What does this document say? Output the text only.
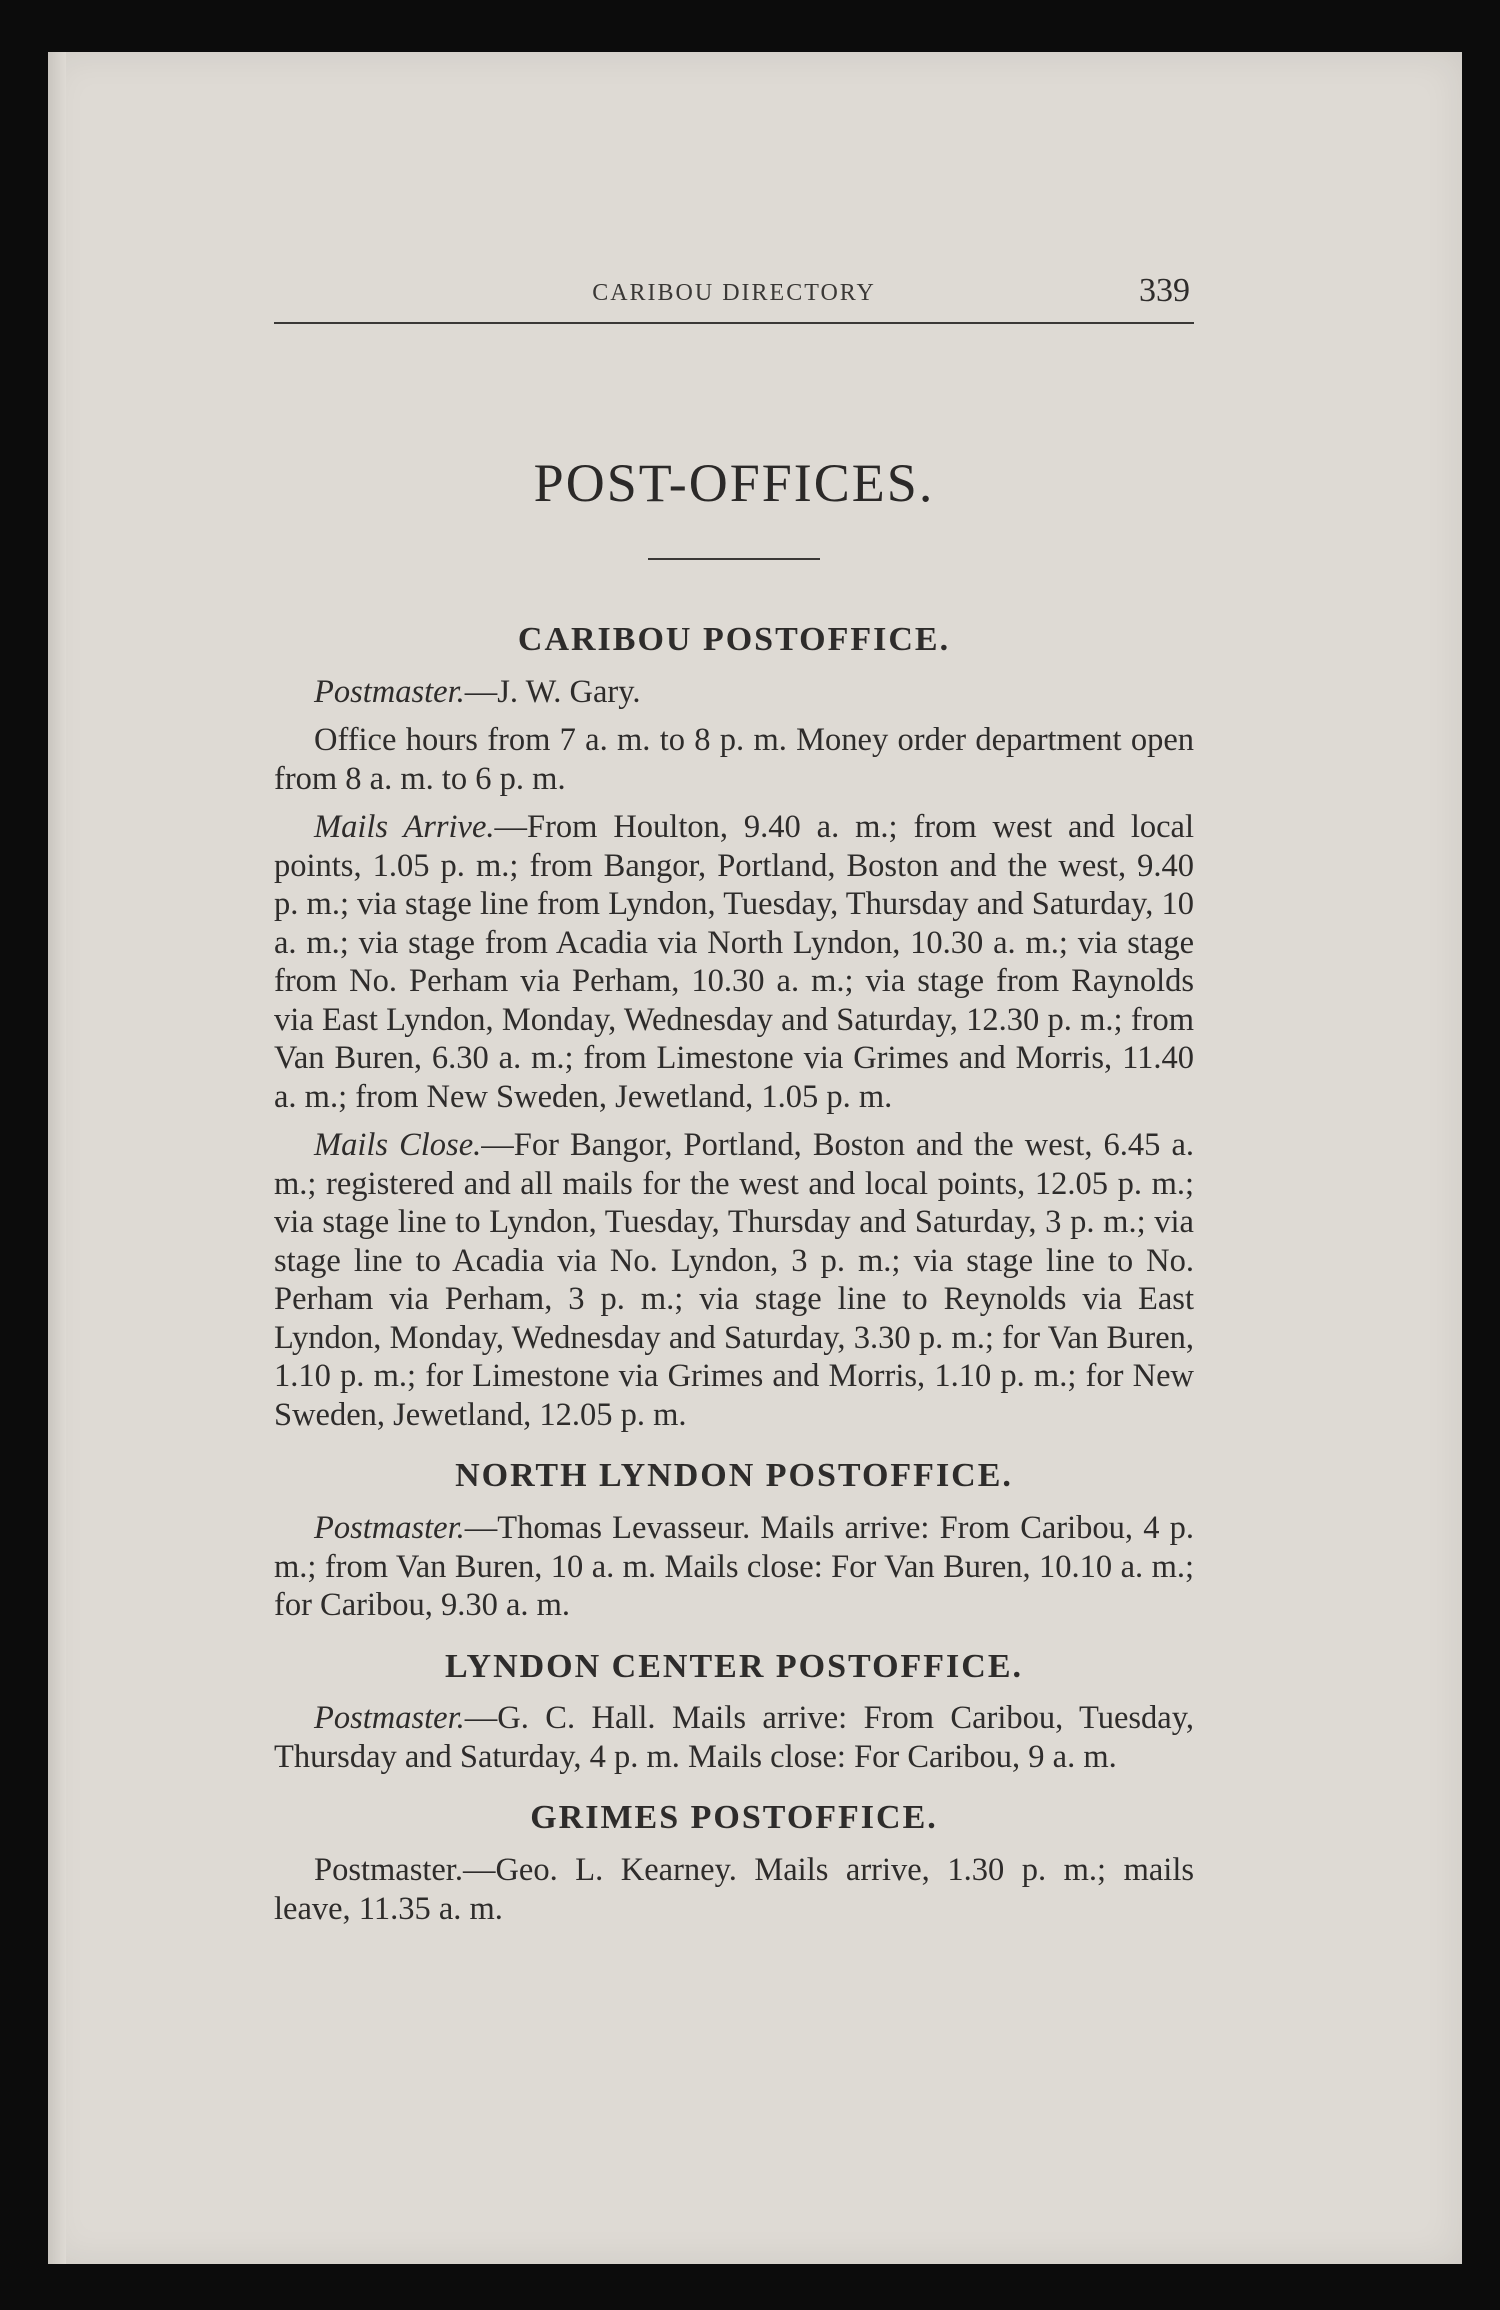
CARIBOU DIRECTORY	339
POST-OFFICES.
CARIBOU POSTOFFICE.

Postmaster.—J. W. Gary.

Office hours from 7 a. m. to 8 p. m. Money order department open from 8 a. m. to 6 p. m.

Mails Arrive.—From Houlton, 9.40 a. m.; from west and local points, 1.05 p. m.; from Bangor, Portland, Boston and the west, 9.40 p. m.; via stage line from Lyndon, Tuesday, Thursday and Saturday, 10 a. m.; via stage from Acadia via North Lyndon, 10.30 a. m.; via stage from No. Perham via Perham, 10.30 a. m.; via stage from Raynolds via East Lyndon, Monday, Wednesday and Saturday, 12.30 p. m.; from Van Buren, 6.30 a. m.; from Limestone via Grimes and Morris, 11.40 a. m.; from New Sweden, Jewetland, 1.05 p. m.

Mails Close.—For Bangor, Portland, Boston and the west, 6.45 a. m.; registered and all mails for the west and local points, 12.05 p. m.; via stage line to Lyndon, Tuesday, Thursday and Saturday, 3 p. m.; via stage line to Acadia via No. Lyndon, 3 p. m.; via stage line to No. Perham via Perham, 3 p. m.; via stage line to Reynolds via East Lyndon, Monday, Wednesday and Saturday, 3.30 p. m.; for Van Buren, 1.10 p. m.; for Limestone via Grimes and Morris, 1.10 p. m.; for New Sweden, Jewetland, 12.05 p. m.

NORTH LYNDON POSTOFFICE.

Postmaster.—Thomas Levasseur. Mails arrive: From Caribou, 4 p. m.; from Van Buren, 10 a. m. Mails close: For Van Buren, 10.10 a. m.; for Caribou, 9.30 a. m.

LYNDON CENTER POSTOFFICE.

Postmaster.—G. C. Hall. Mails arrive: From Caribou, Tuesday, Thursday and Saturday, 4 p. m. Mails close: For Caribou, 9 a. m.

GRIMES POSTOFFICE.

Postmaster.—Geo. L. Kearney. Mails arrive, 1.30 p. m.; mails leave, 11.35 a. m.
